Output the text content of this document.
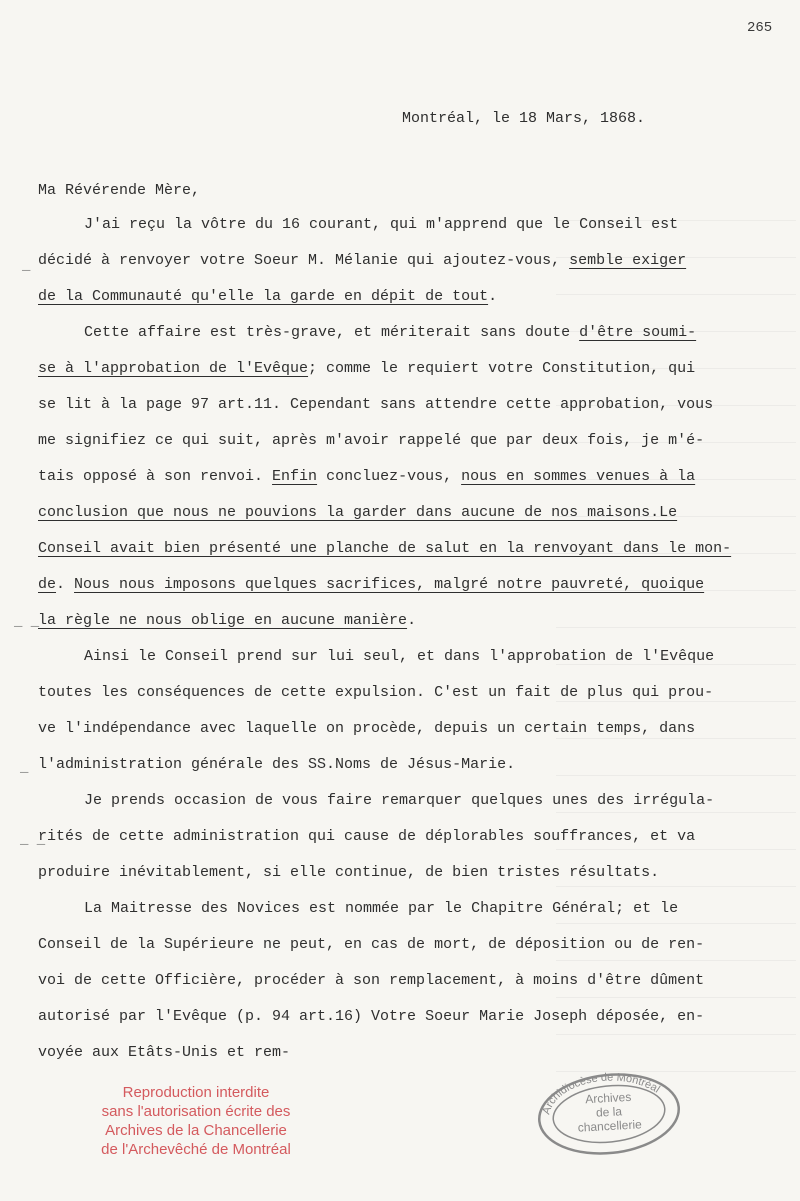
265
Montréal, le 18 Mars, 1868.
Ma Révérende Mère,
J'ai reçu la vôtre du 16 courant, qui m'apprend que le Conseil est
décidé à renvoyer votre Soeur M. Mélanie qui ajoutez-vous, semble exiger
de la Communauté qu'elle la garde en dépit de tout.
Cette affaire est très-grave, et mériterait sans doute d'être soumi-
se à l'approbation de l'Evêque; comme le requiert votre Constitution, qui
se lit à la page 97 art.11. Cependant sans attendre cette approbation, vous
me signifiez ce qui suit, après m'avoir rappelé que par deux fois, je m'é-
tais opposé à son renvoi. Enfin concluez-vous, nous en sommes venues à la
conclusion que nous ne pouvions la garder dans aucune de nos maisons.Le
Conseil avait bien présenté une planche de salut en la renvoyant dans le mon-
de. Nous nous imposons quelques sacrifices, malgré notre pauvreté, quoique
la règle ne nous oblige en aucune manière.
Ainsi le Conseil prend sur lui seul, et dans l'approbation de l'Evêque
toutes les conséquences de cette expulsion. C'est un fait de plus qui prou-
ve l'indépendance avec laquelle on procède, depuis un certain temps, dans
l'administration générale des SS.Noms de Jésus-Marie.
Je prends occasion de vous faire remarquer quelques unes des irrégula-
rités de cette administration qui cause de déplorables souffrances, et va
produire inévitablement, si elle continue, de bien tristes résultats.
La Maitresse des Novices est nommée par le Chapitre Général; et le
Conseil de la Supérieure ne peut, en cas de mort, de déposition ou de ren-
voi de cette Officière, procéder à son remplacement, à moins d'être dûment
autorisé par l'Evêque (p. 94 art.16) Votre Soeur Marie Joseph déposée, en-
voyée aux Etâts-Unis et rem-
_
_ _
_
_ _
Reproduction interdite
sans l'autorisation écrite des
Archives de la Chancellerie
de l'Archevêché de Montréal
Archidiocèse de Montréal
Archives
de la
chancellerie
